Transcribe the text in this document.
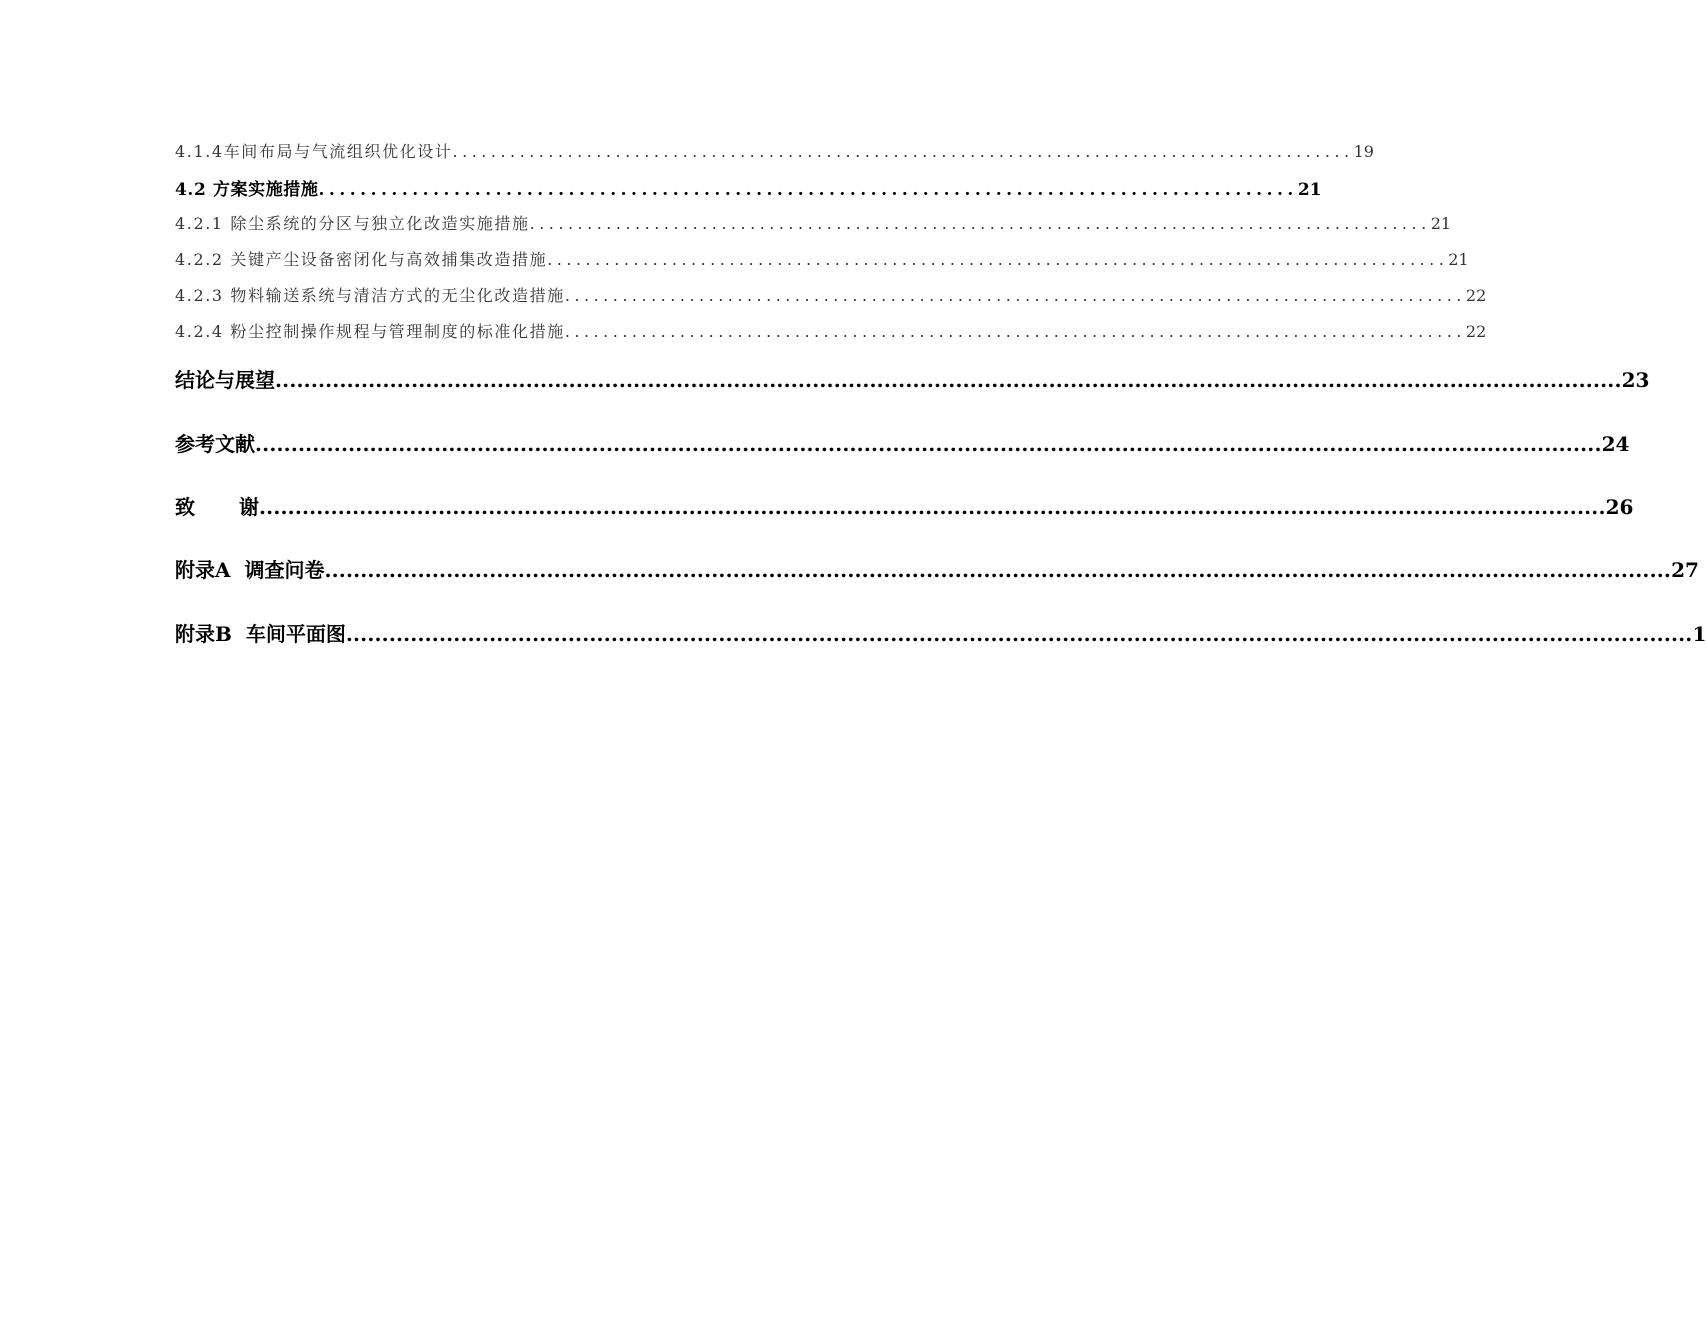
4.1.4车间布局与气流组织优化设计 .............................................................................................. 19
4.2 方案实施措施 .............................................................................................. 21
4.2.1 除尘系统的分区与独立化改造实施措施 .............................................................................................. 21
4.2.2 关键产尘设备密闭化与高效捕集改造措施 .............................................................................................. 21
4.2.3 物料输送系统与清洁方式的无尘化改造措施 .............................................................................................. 22
4.2.4 粉尘控制操作规程与管理制度的标准化措施 .............................................................................................. 22
结论与展望 ............................................................................................................................................................................................ 23
参考文献 ............................................................................................................................................................................................ 24
致 谢 ............................................................................................................................................................................................ 26
附录A  调查问卷 ............................................................................................................................................................................................ 27
附录B  车间平面图 ............................................................................................................................................................................................ 1
